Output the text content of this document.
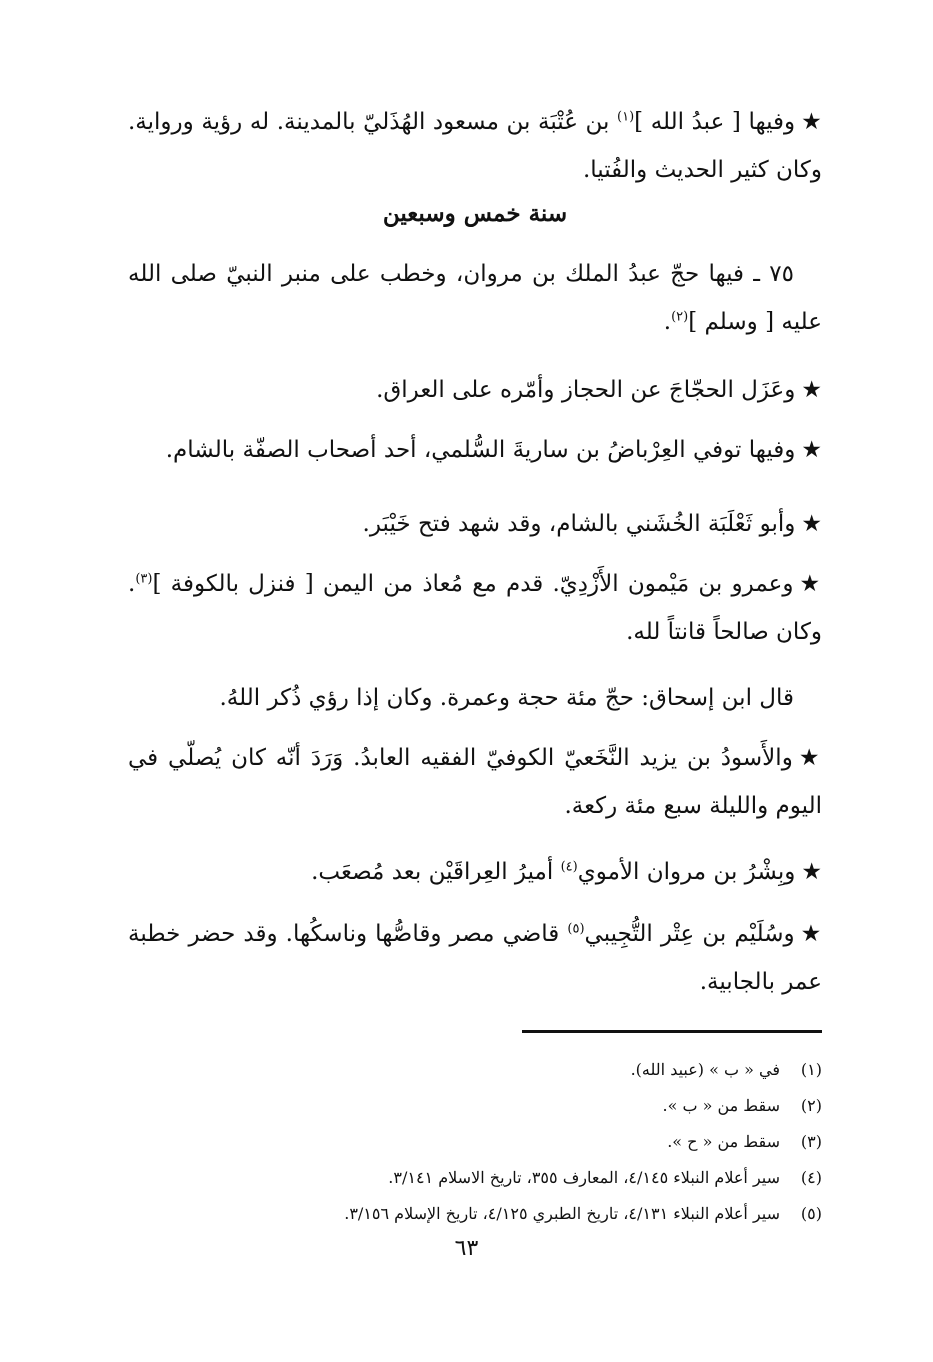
★وفيها [ عبدُ الله ]$^{(١)}$ بن عُتْبَة بن مسعود الهُذَليّ بالمدينة. له رؤية ورواية. وكان كثير الحديث والفُتيا.

سنة خمس وسبعين

٧٥ ـ فيها حجّ عبدُ الملك بن مروان، وخطب على منبر النبيّ صلى الله عليه [ وسلم ]$^{(٢)}$.

★وعَزَل الحجّاجَ عن الحجاز وأمّره على العراق.

★وفيها توفي العِرْباضُ بن ساريةَ السُّلمي، أحد أصحاب الصفّة بالشام.

★وأبو ثَعْلَبَة الخُشَني بالشام، وقد شهد فتح خَيْبَر.

★وعمرو بن مَيْمون الأَزْدِيّ. قدم مع مُعاذ من اليمن [ فنزل بالكوفة ]$^{(٣)}$. وكان صالحاً قانتاً لله.

قال ابن إسحاق: حجّ مئة حجة وعمرة. وكان إذا رؤي ذُكر اللهُ.

★والأَسودُ بن يزيد النَّخَعيّ الكوفيّ الفقيه العابدُ. وَرَدَ أنّه كان يُصلّي في اليوم والليلة سبع مئة ركعة.

★وبِشْرُ بن مروان الأموي$^{(٤)}$ أميرُ العِراقَيْن بعد مُصعَب.

★وسُلَيْم بن عِتْر التُّجِيبي$^{(٥)}$ قاضي مصر وقاصُّها وناسكُها. وقد حضر خطبة عمر بالجابية.

(١)في « ب » (عبيد الله).
(٢)سقط من « ب ».
(٣)سقط من « ح ».
(٤)سير أعلام النبلاء ٤/١٤٥، المعارف ٣٥٥، تاريخ الاسلام ٣/١٤١.
(٥)سير أعلام النبلاء ٤/١٣١، تاريخ الطبري ٤/١٢٥، تاريخ الإسلام ٣/١٥٦.
٦٣
